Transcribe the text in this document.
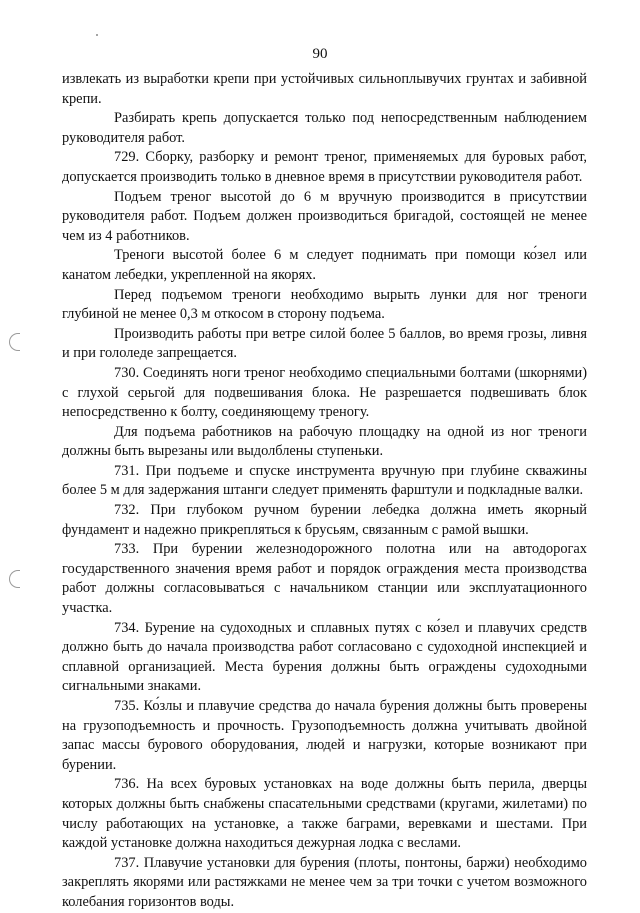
90

извлекать из выработки крепи при устойчивых сильноплывучих грунтах и забивной крепи.

Разбирать крепь допускается только под непосредственным наблюдением руководителя работ.

729. Сборку, разборку и ремонт треног, применяемых для буровых работ, допускается производить только в дневное время в присутствии руководителя работ.

Подъем треног высотой до 6 м вручную производится в присутствии руководителя работ. Подъем должен производиться бригадой, состоящей не менее чем из 4 работников.

Треноги высотой более 6 м следует поднимать при помощи ко́зел или канатом лебедки, укрепленной на якорях.

Перед подъемом треноги необходимо вырыть лунки для ног треноги глубиной не менее 0,3 м откосом в сторону подъема.

Производить работы при ветре силой более 5 баллов, во время грозы, ливня и при гололеде запрещается.

730. Соединять ноги треног необходимо специальными болтами (шкорнями) с глухой серьгой для подвешивания блока. Не разрешается подвешивать блок непосредственно к болту, соединяющему треногу.

Для подъема работников на рабочую площадку на одной из ног треноги должны быть вырезаны или выдолблены ступеньки.

731. При подъеме и спуске инструмента вручную при глубине скважины более 5 м для задержания штанги следует применять фарштули и подкладные валки.

732. При глубоком ручном бурении лебедка должна иметь якорный фундамент и надежно прикрепляться к брусьям, связанным с рамой вышки.

733. При бурении железнодорожного полотна или на автодорогах государственного значения время работ и порядок ограждения места производства работ должны согласовываться с начальником станции или эксплуатационного участка.

734. Бурение на судоходных и сплавных путях с ко́зел и плавучих средств должно быть до начала производства работ согласовано с судоходной инспекцией и сплавной организацией. Места бурения должны быть ограждены судоходными сигнальными знаками.

735. Ко́злы и плавучие средства до начала бурения должны быть проверены на грузоподъемность и прочность. Грузоподъемность должна учитывать двойной запас массы бурового оборудования, людей и нагрузки, которые возникают при бурении.

736. На всех буровых установках на воде должны быть перила, дверцы которых должны быть снабжены спасательными средствами (кругами, жилетами) по числу работающих на установке, а также баграми, веревками и шестами. При каждой установке должна находиться дежурная лодка с веслами.

737. Плавучие установки для бурения (плоты, понтоны, баржи) необходимо закреплять якорями или растяжками не менее чем за три точки с учетом возможного колебания горизонтов воды.
